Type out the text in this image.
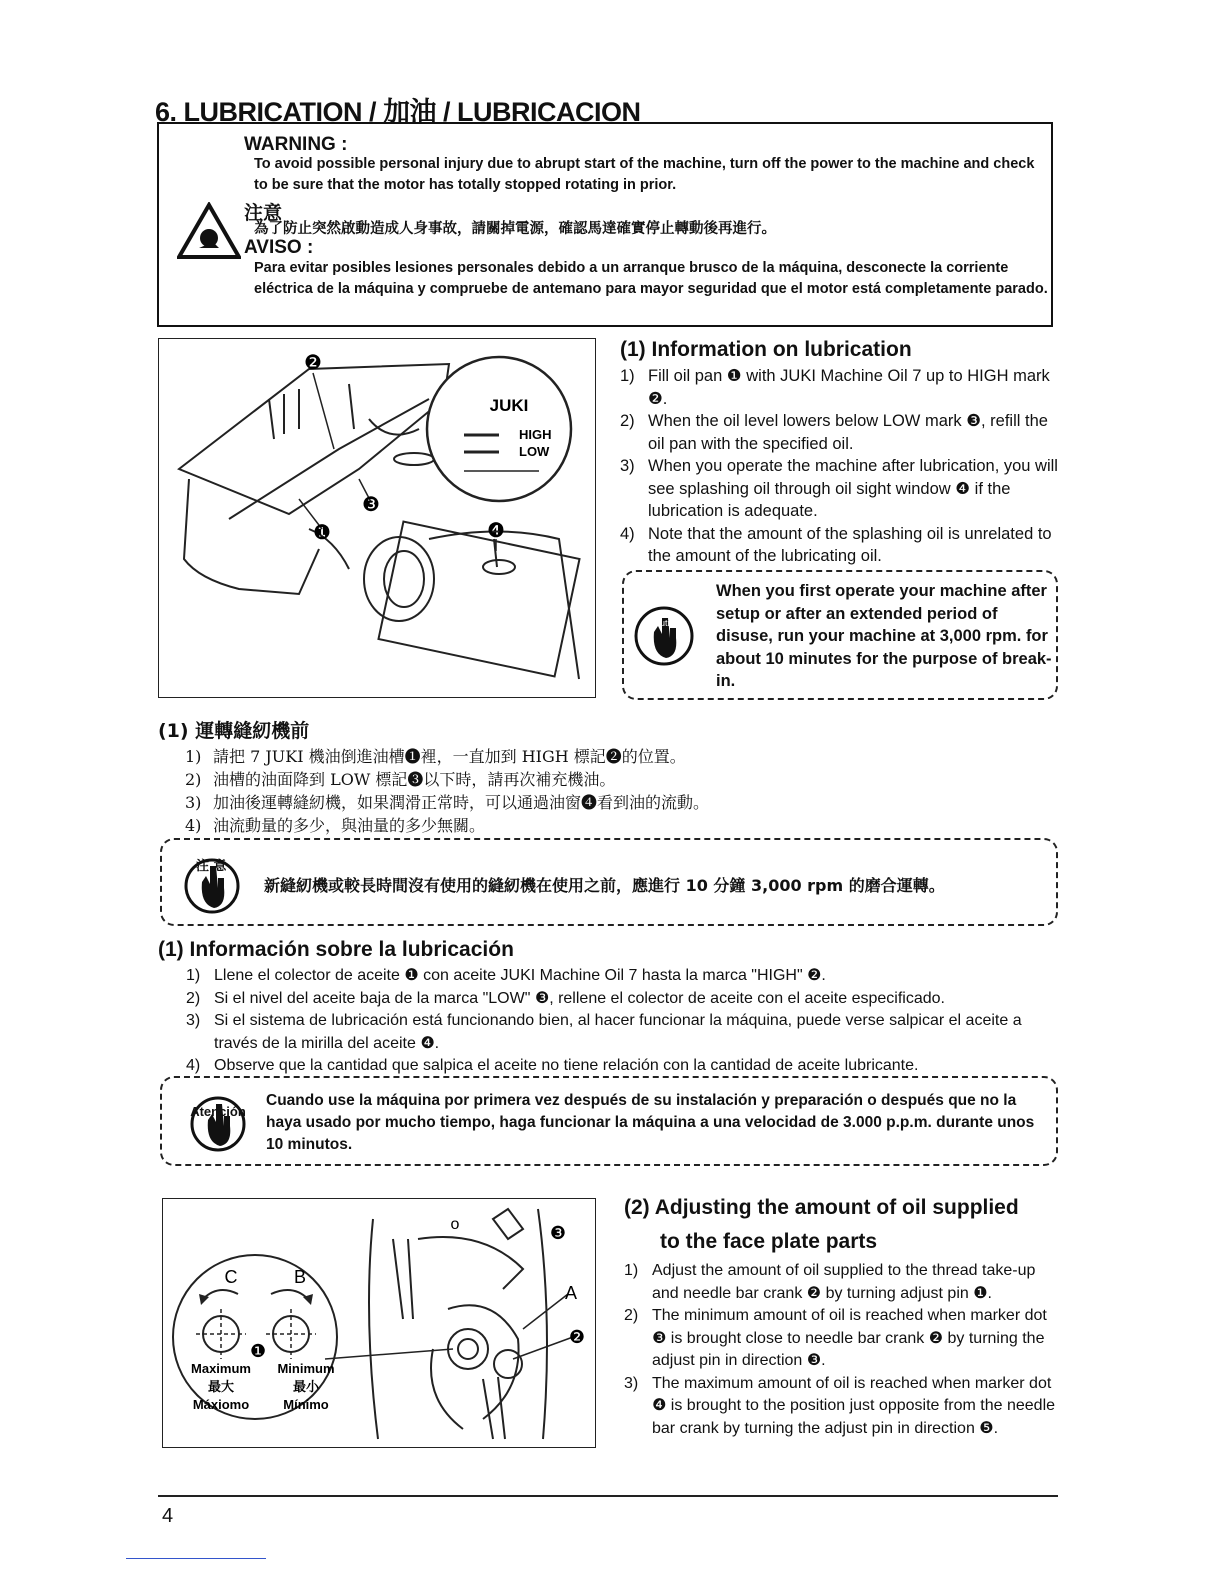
6. LUBRICATION / 加油 / LUBRICACION
WARNING :
To avoid possible personal injury due to abrupt start of the machine, turn off the power to the machine and check to be sure that the motor has totally stopped rotating in prior.
注意
為了防止突然啟動造成人身事故，請關掉電源，確認馬達確實停止轉動後再進行。
AVISO :
Para evitar posibles lesiones personales debido a un arranque brusco de la máquina, desconecte la corriente eléctrica de la máquina y compruebe de antemano para mayor seguridad que el motor está completamente parado.
JUKI
HIGH
LOW
❷
❸
❶	❹
(1) Information on lubrication
1) Fill oil pan ❶ with JUKI Machine Oil 7 up to HIGH mark ❷.
2) When the oil level lowers below LOW mark ❸, refill the oil pan with the specified oil.
3) When you operate the machine after lubrication, you will see splashing oil through oil sight window ❹ if the lubrication is adequate.
4) Note that the amount of the splashing oil is unrelated to the amount of the lubricating oil.
Caution
When you first operate your machine after setup or after an extended period of disuse, run your machine at 3,000 rpm. for about 10 minutes for the purpose of break-in.
(1) 運轉縫紉機前
1) 請把 7 JUKI 機油倒進油槽❶裡，一直加到 HIGH 標記❷的位置。
2) 油槽的油面降到 LOW 標記❸以下時，請再次補充機油。
3) 加油後運轉縫紉機，如果潤滑正常時，可以通過油窗❹看到油的流動。
4) 油流動量的多少，與油量的多少無關。
注 意
新縫紉機或較長時間沒有使用的縫紉機在使用之前，應進行 10 分鐘 3,000 rpm 的磨合運轉。
(1) Información sobre la lubricación
1) Llene el colector de aceite ❶ con aceite JUKI Machine Oil 7 hasta la marca "HIGH" ❷.
2) Si el nivel del aceite baja de la marca "LOW" ❸, rellene el colector de aceite con el aceite especificado.
3) Si el sistema de lubricación está funcionando bien, al hacer funcionar la máquina, puede verse salpicar el aceite a través de la mirilla del aceite ❹.
4) Observe que la cantidad que salpica el aceite no tiene relación con la cantidad de aceite lubricante.
Atención
Cuando use la máquina por primera vez después de su instalación y preparación o después que no la haya usado por mucho tiempo, haga funcionar la máquina a una velocidad de 3.000 p.p.m. durante unos 10 minutos.
C	B
❶
Maximum Minimum
最大	最小
Máxiomo	Mínimo
o	❸
A
❷
(2) Adjusting the amount of oil supplied
to the face plate parts
1) Adjust the amount of oil supplied to the thread take-up and needle bar crank ❷ by turning adjust pin ❶.
2) The minimum amount of oil is reached when marker dot ❸ is brought close to needle bar crank ❷ by turning the adjust pin in direction ❸.
3) The maximum amount of oil is reached when marker dot ❹ is brought to the position just opposite from the needle bar crank by turning the adjust pin in direction ❺.
4
